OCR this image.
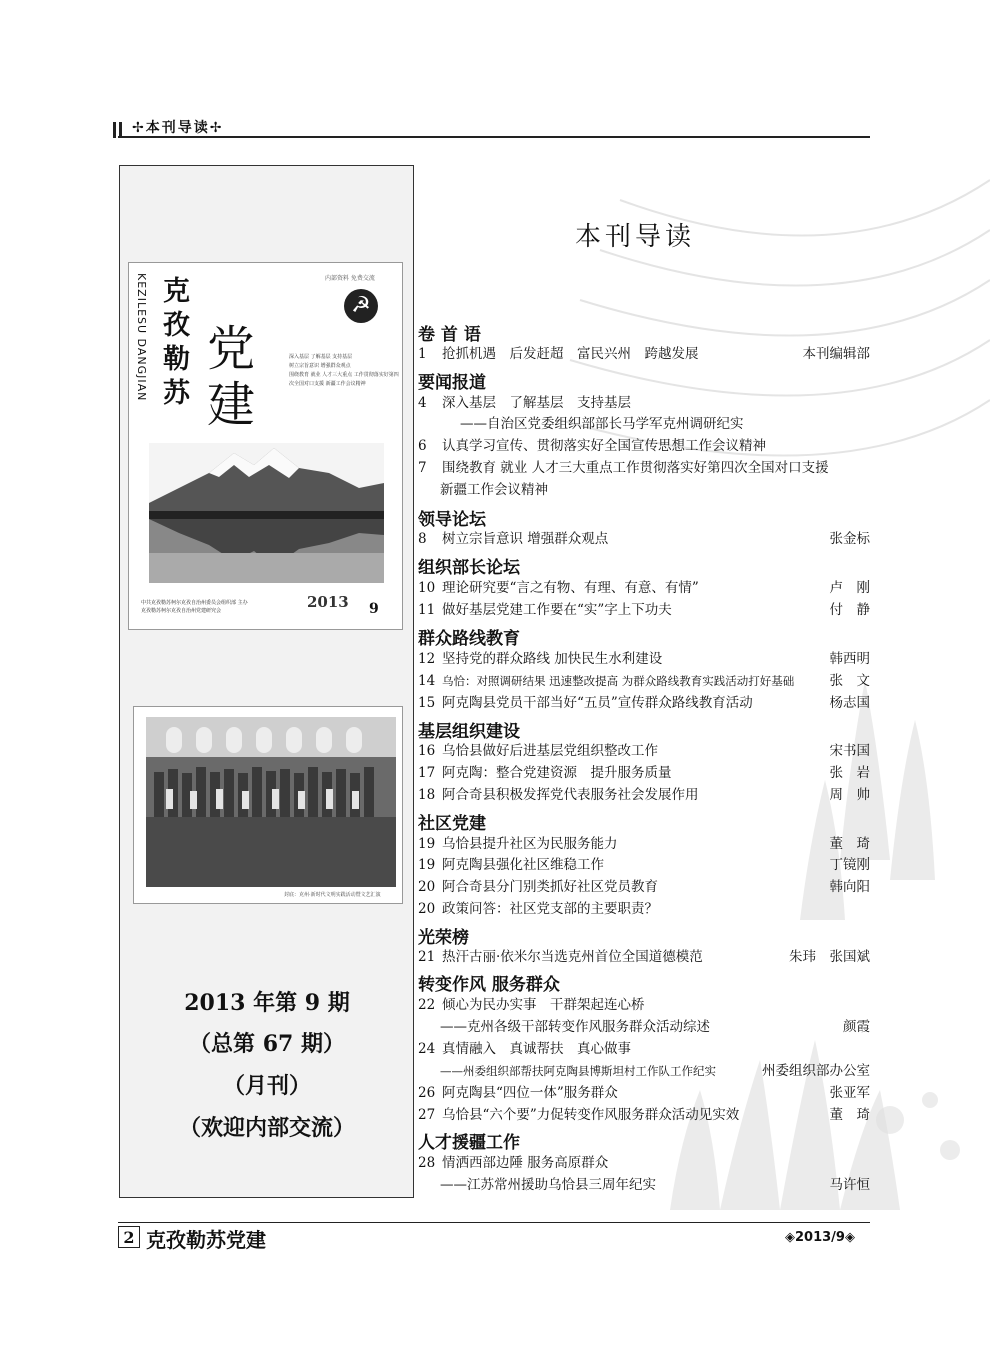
✢本刊导读✢
KEZILESU DANGJIAN 克孜勒苏
党建
内部资料 免费交流
☭
深入基层 了解基层 支持基层
树立宗旨意识 增强群众观点
围绕教育 就业 人才三大重点 工作贯彻落实好第四次全国对口支援 新疆工作会议精神
中共克孜勒苏柯尔克孜自治州委员会组织部 主办
克孜勒苏柯尔克孜自治州党建研究会	2013 9
封底：克州·新时代文明实践活动暨文艺汇演
2013 年第 9 期
（总第 67 期）
（月刊）
（欢迎内部交流）
本刊导读
卷 首 语
1 抢抓机遇　后发赶超　富民兴州　跨越发展	本刊编辑部
要闻报道
4 深入基层　了解基层　支持基层
——自治区党委组织部部长马学军克州调研纪实
6 认真学习宣传、贯彻落实好全国宣传思想工作会议精神
7 围绕教育 就业 人才三大重点工作贯彻落实好第四次全国对口支援
新疆工作会议精神
领导论坛
8 树立宗旨意识 增强群众观点	张金标
组织部长论坛
10 理论研究要“言之有物、有理、有意、有情”	卢　刚
11 做好基层党建工作要在“实”字上下功夫	付　静
群众路线教育
12 坚持党的群众路线 加快民生水利建设	韩西明
14 乌恰：对照调研结果 迅速整改提高 为群众路线教育实践活动打好基础	张　文
15 阿克陶县党员干部当好“五员”宣传群众路线教育活动	杨志国
基层组织建设
16 乌恰县做好后进基层党组织整改工作	宋书国
17 阿克陶：整合党建资源　提升服务质量	张　岩
18 阿合奇县积极发挥党代表服务社会发展作用	周　帅
社区党建
19 乌恰县提升社区为民服务能力	董　琦
19 阿克陶县强化社区维稳工作	丁镜刚
20 阿合奇县分门别类抓好社区党员教育	韩向阳
20 政策问答：社区党支部的主要职责？
光荣榜
21 热汗古丽·依米尔当选克州首位全国道德模范	朱玮　张国斌
转变作风 服务群众
22 倾心为民办实事　干群架起连心桥
——克州各级干部转变作风服务群众活动综述	颜霞
24 真情融入　真诚帮扶　真心做事
——州委组织部帮扶阿克陶县博斯坦村工作队工作纪实	州委组织部办公室
26 阿克陶县“四位一体”服务群众	张亚军
27 乌恰县“六个要”力促转变作风服务群众活动见实效	董　琦
人才援疆工作
28 情洒西部边陲 服务高原群众
——江苏常州援助乌恰县三周年纪实	马许恒
2 克孜勒苏党建	◈2013/9◈
